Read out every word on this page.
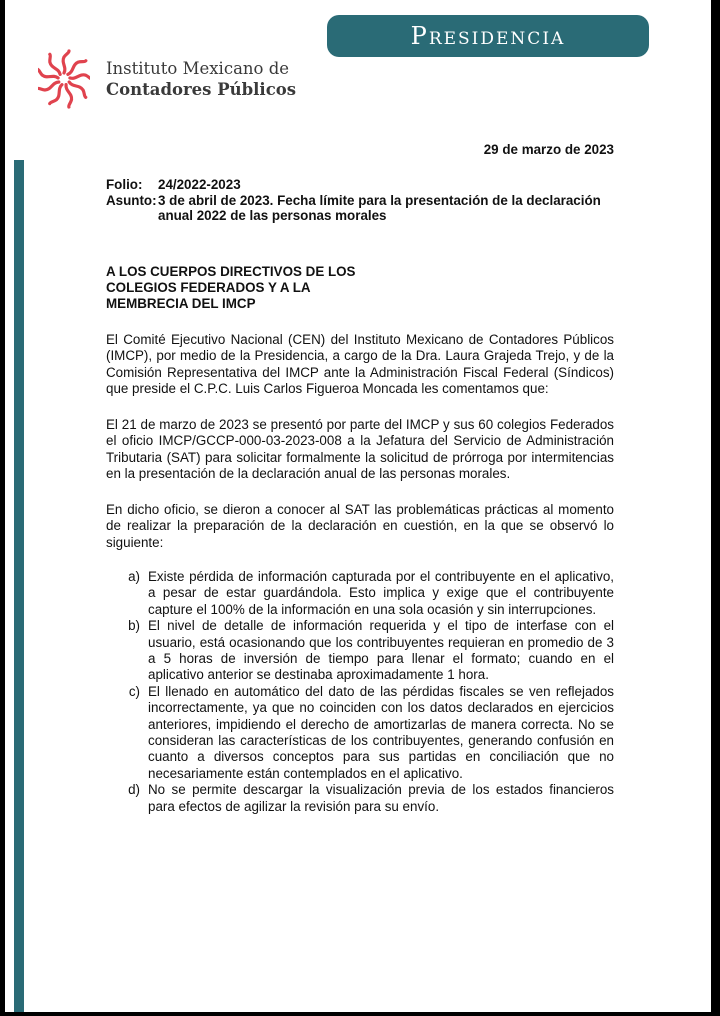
Presidencia
Instituto Mexicano de
Contadores Públicos
29 de marzo de 2023
Folio:	24/2022-2023
Asunto: 3 de abril de 2023. Fecha límite para la presentación de la declaración anual 2022 de las personas morales
A LOS CUERPOS DIRECTIVOS DE LOS COLEGIOS FEDERADOS Y A LA MEMBRECIA DEL IMCP

El Comité Ejecutivo Nacional (CEN) del Instituto Mexicano de Contadores Públicos (IMCP), por medio de la Presidencia, a cargo de la Dra. Laura Grajeda Trejo, y de la Comisión Representativa del IMCP ante la Administración Fiscal Federal (Síndicos) que preside el C.P.C. Luis Carlos Figueroa Moncada les comentamos que:

El 21 de marzo de 2023 se presentó por parte del IMCP y sus 60 colegios Federados el oficio IMCP/GCCP-000-03-2023-008 a la Jefatura del Servicio de Administración Tributaria (SAT) para solicitar formalmente la solicitud de prórroga por intermitencias en la presentación de la declaración anual de las personas morales.

En dicho oficio, se dieron a conocer al SAT las problemáticas prácticas al momento de realizar la preparación de la declaración en cuestión, en la que se observó lo siguiente:

a) Existe pérdida de información capturada por el contribuyente en el aplicativo, a pesar de estar guardándola. Esto implica y exige que el contribuyente capture el 100% de la información en una sola ocasión y sin interrupciones.
b) El nivel de detalle de información requerida y el tipo de interfase con el usuario, está ocasionando que los contribuyentes requieran en promedio de 3 a 5 horas de inversión de tiempo para llenar el formato; cuando en el aplicativo anterior se destinaba aproximadamente 1 hora.
c) El llenado en automático del dato de las pérdidas fiscales se ven reflejados incorrectamente, ya que no coinciden con los datos declarados en ejercicios anteriores, impidiendo el derecho de amortizarlas de manera correcta. No se consideran las características de los contribuyentes, generando confusión en cuanto a diversos conceptos para sus partidas en conciliación que no necesariamente están contemplados en el aplicativo.
d) No se permite descargar la visualización previa de los estados financieros para efectos de agilizar la revisión para su envío.
